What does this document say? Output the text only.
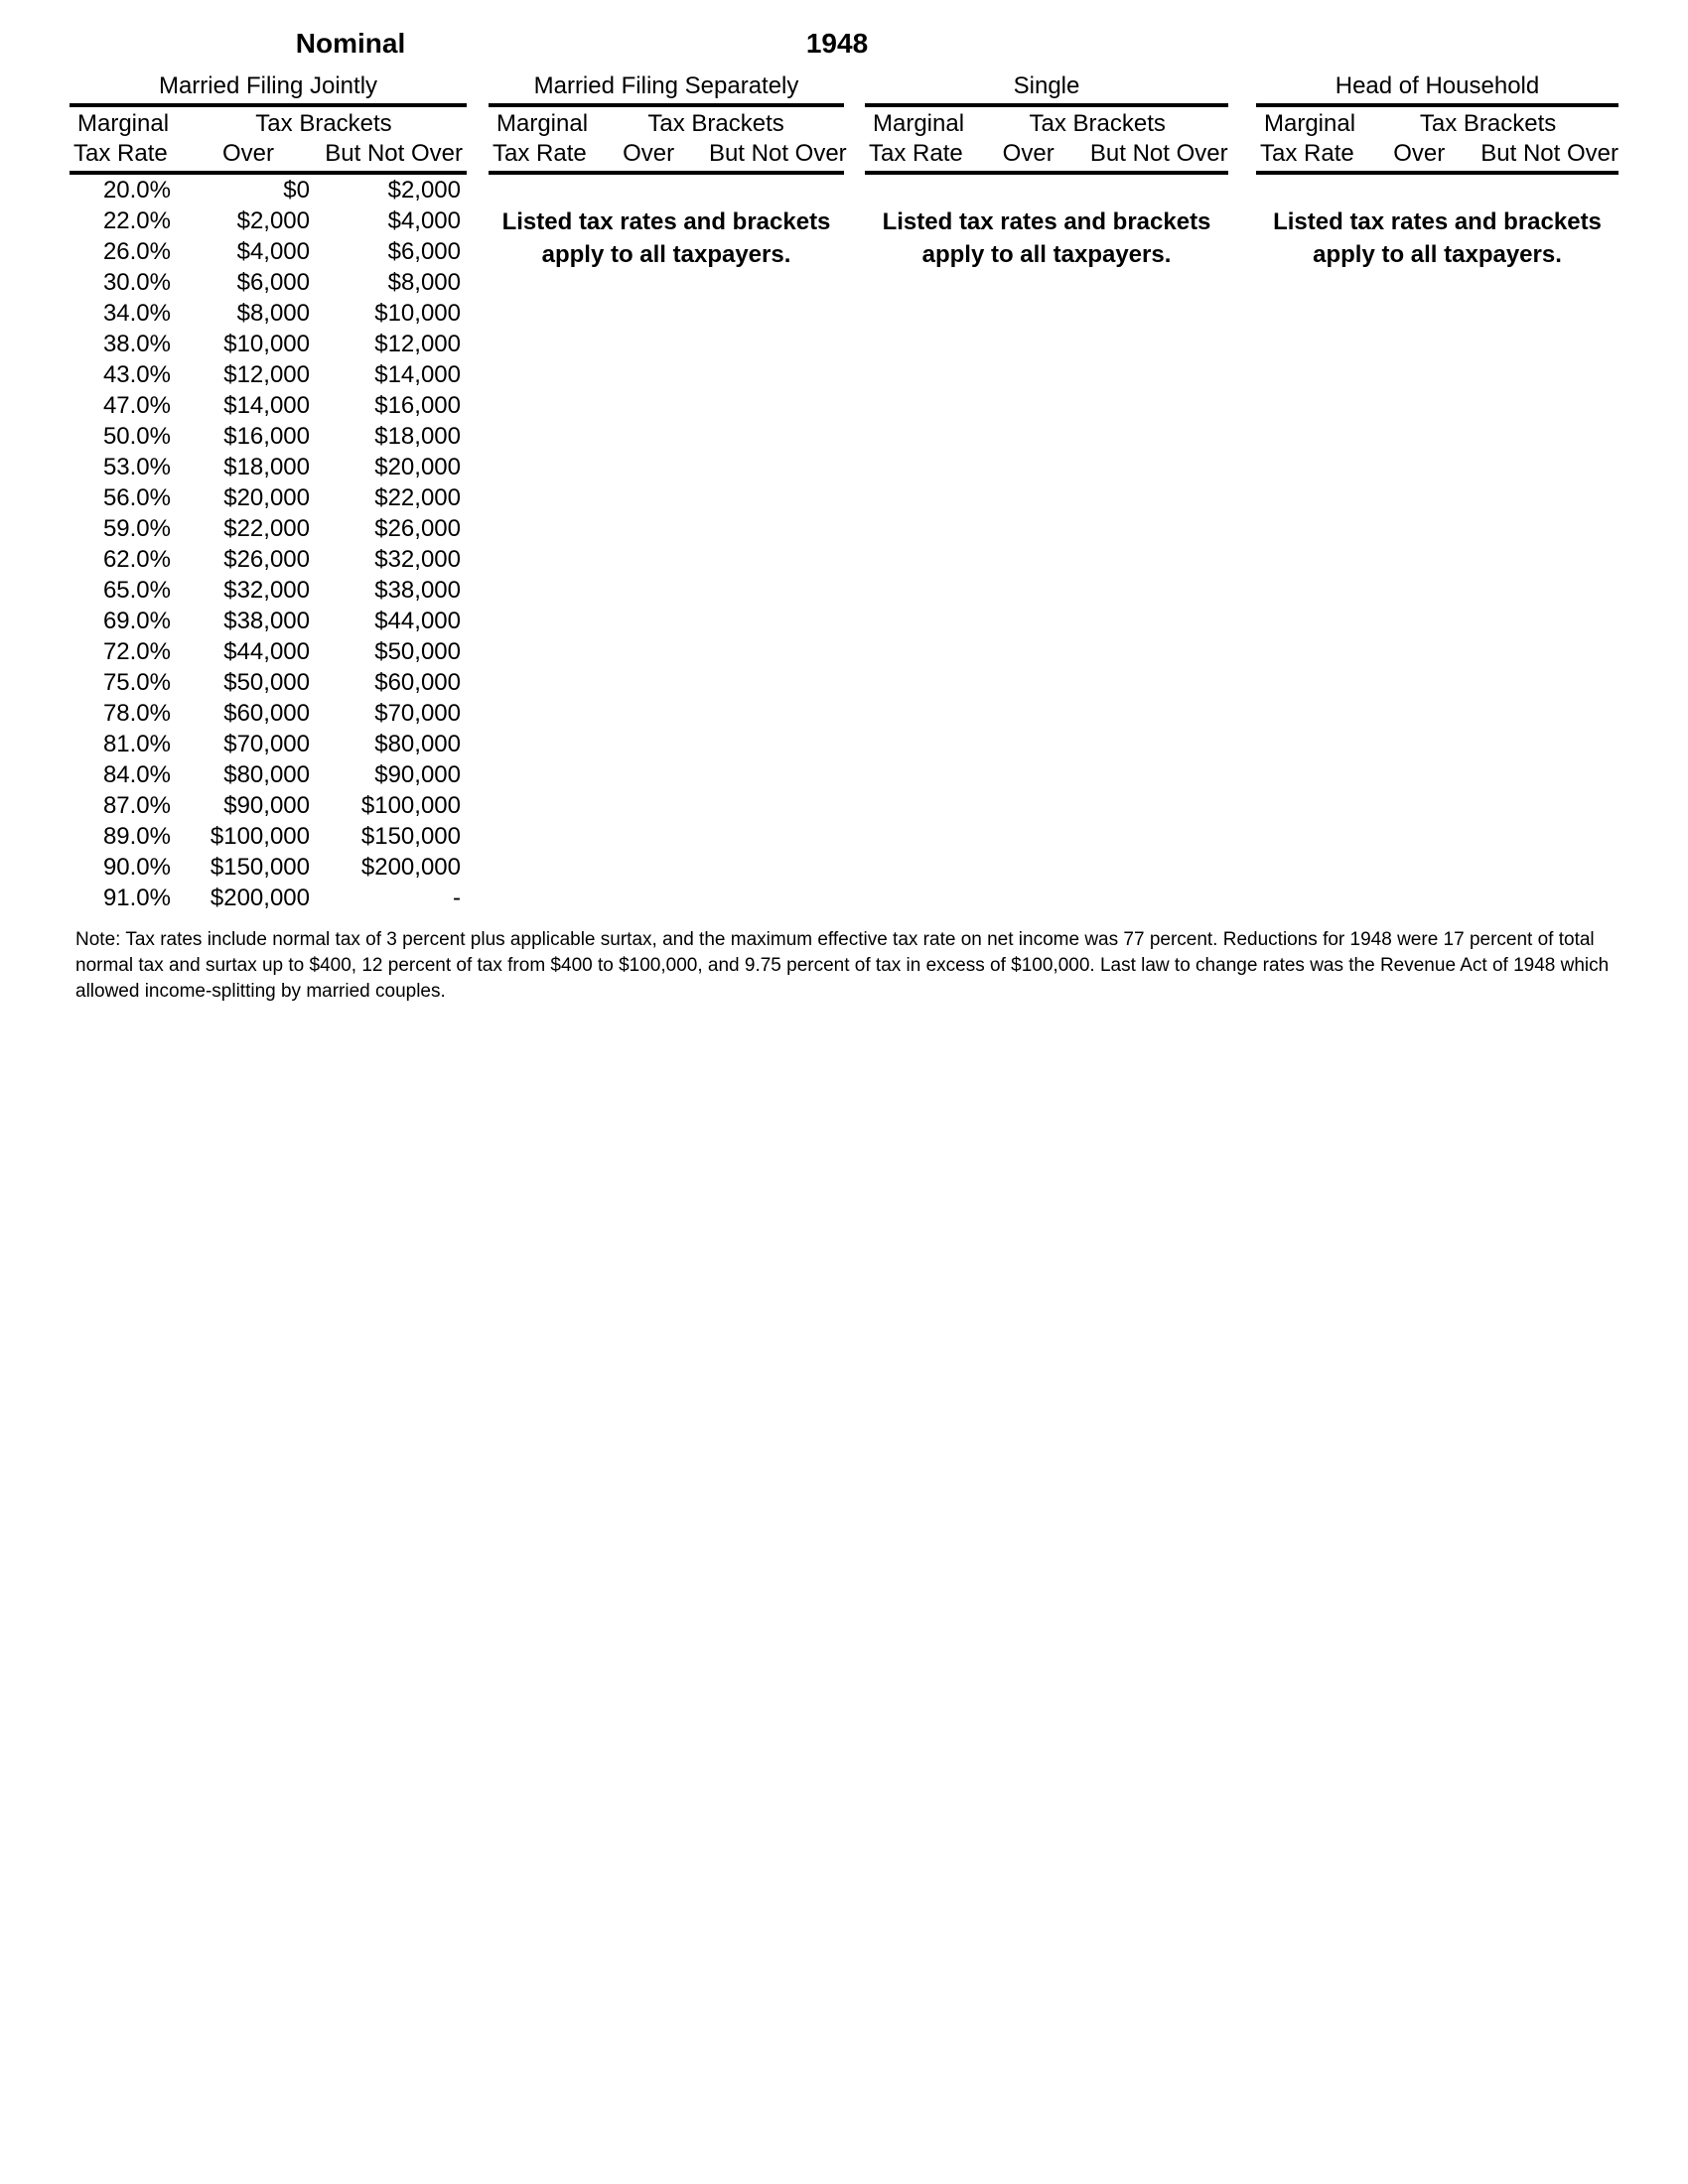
Nominal	1948
Married Filing Jointly
Marginal	Tax Brackets
Tax Rate	Over	But Not Over
20.0%	$0	$2,000
22.0%	$2,000	$4,000
26.0%	$4,000	$6,000
30.0%	$6,000	$8,000
34.0%	$8,000	$10,000
38.0%	$10,000	$12,000
43.0%	$12,000	$14,000
47.0%	$14,000	$16,000
50.0%	$16,000	$18,000
53.0%	$18,000	$20,000
56.0%	$20,000	$22,000
59.0%	$22,000	$26,000
62.0%	$26,000	$32,000
65.0%	$32,000	$38,000
69.0%	$38,000	$44,000
72.0%	$44,000	$50,000
75.0%	$50,000	$60,000
78.0%	$60,000	$70,000
81.0%	$70,000	$80,000
84.0%	$80,000	$90,000
87.0%	$90,000	$100,000
89.0%	$100,000	$150,000
90.0%	$150,000	$200,000
91.0%	$200,000	-
Married Filing Separately
Marginal	Tax Brackets
Tax Rate	Over	But Not Over
Listed tax rates and brackets
apply to all taxpayers.
Single
Marginal	Tax Brackets
Tax Rate	Over	But Not Over
Listed tax rates and brackets
apply to all taxpayers.
Head of Household
Marginal	Tax Brackets
Tax Rate	Over	But Not Over
Listed tax rates and brackets
apply to all taxpayers.
Note: Tax rates include normal tax of 3 percent plus applicable surtax, and the maximum effective tax rate on net income was 77 percent. Reductions for 1948 were 17 percent of total
normal tax and surtax up to $400, 12 percent of tax from $400 to $100,000, and 9.75 percent of tax in excess of $100,000. Last law to change rates was the Revenue Act of 1948 which
allowed income-splitting by married couples.
